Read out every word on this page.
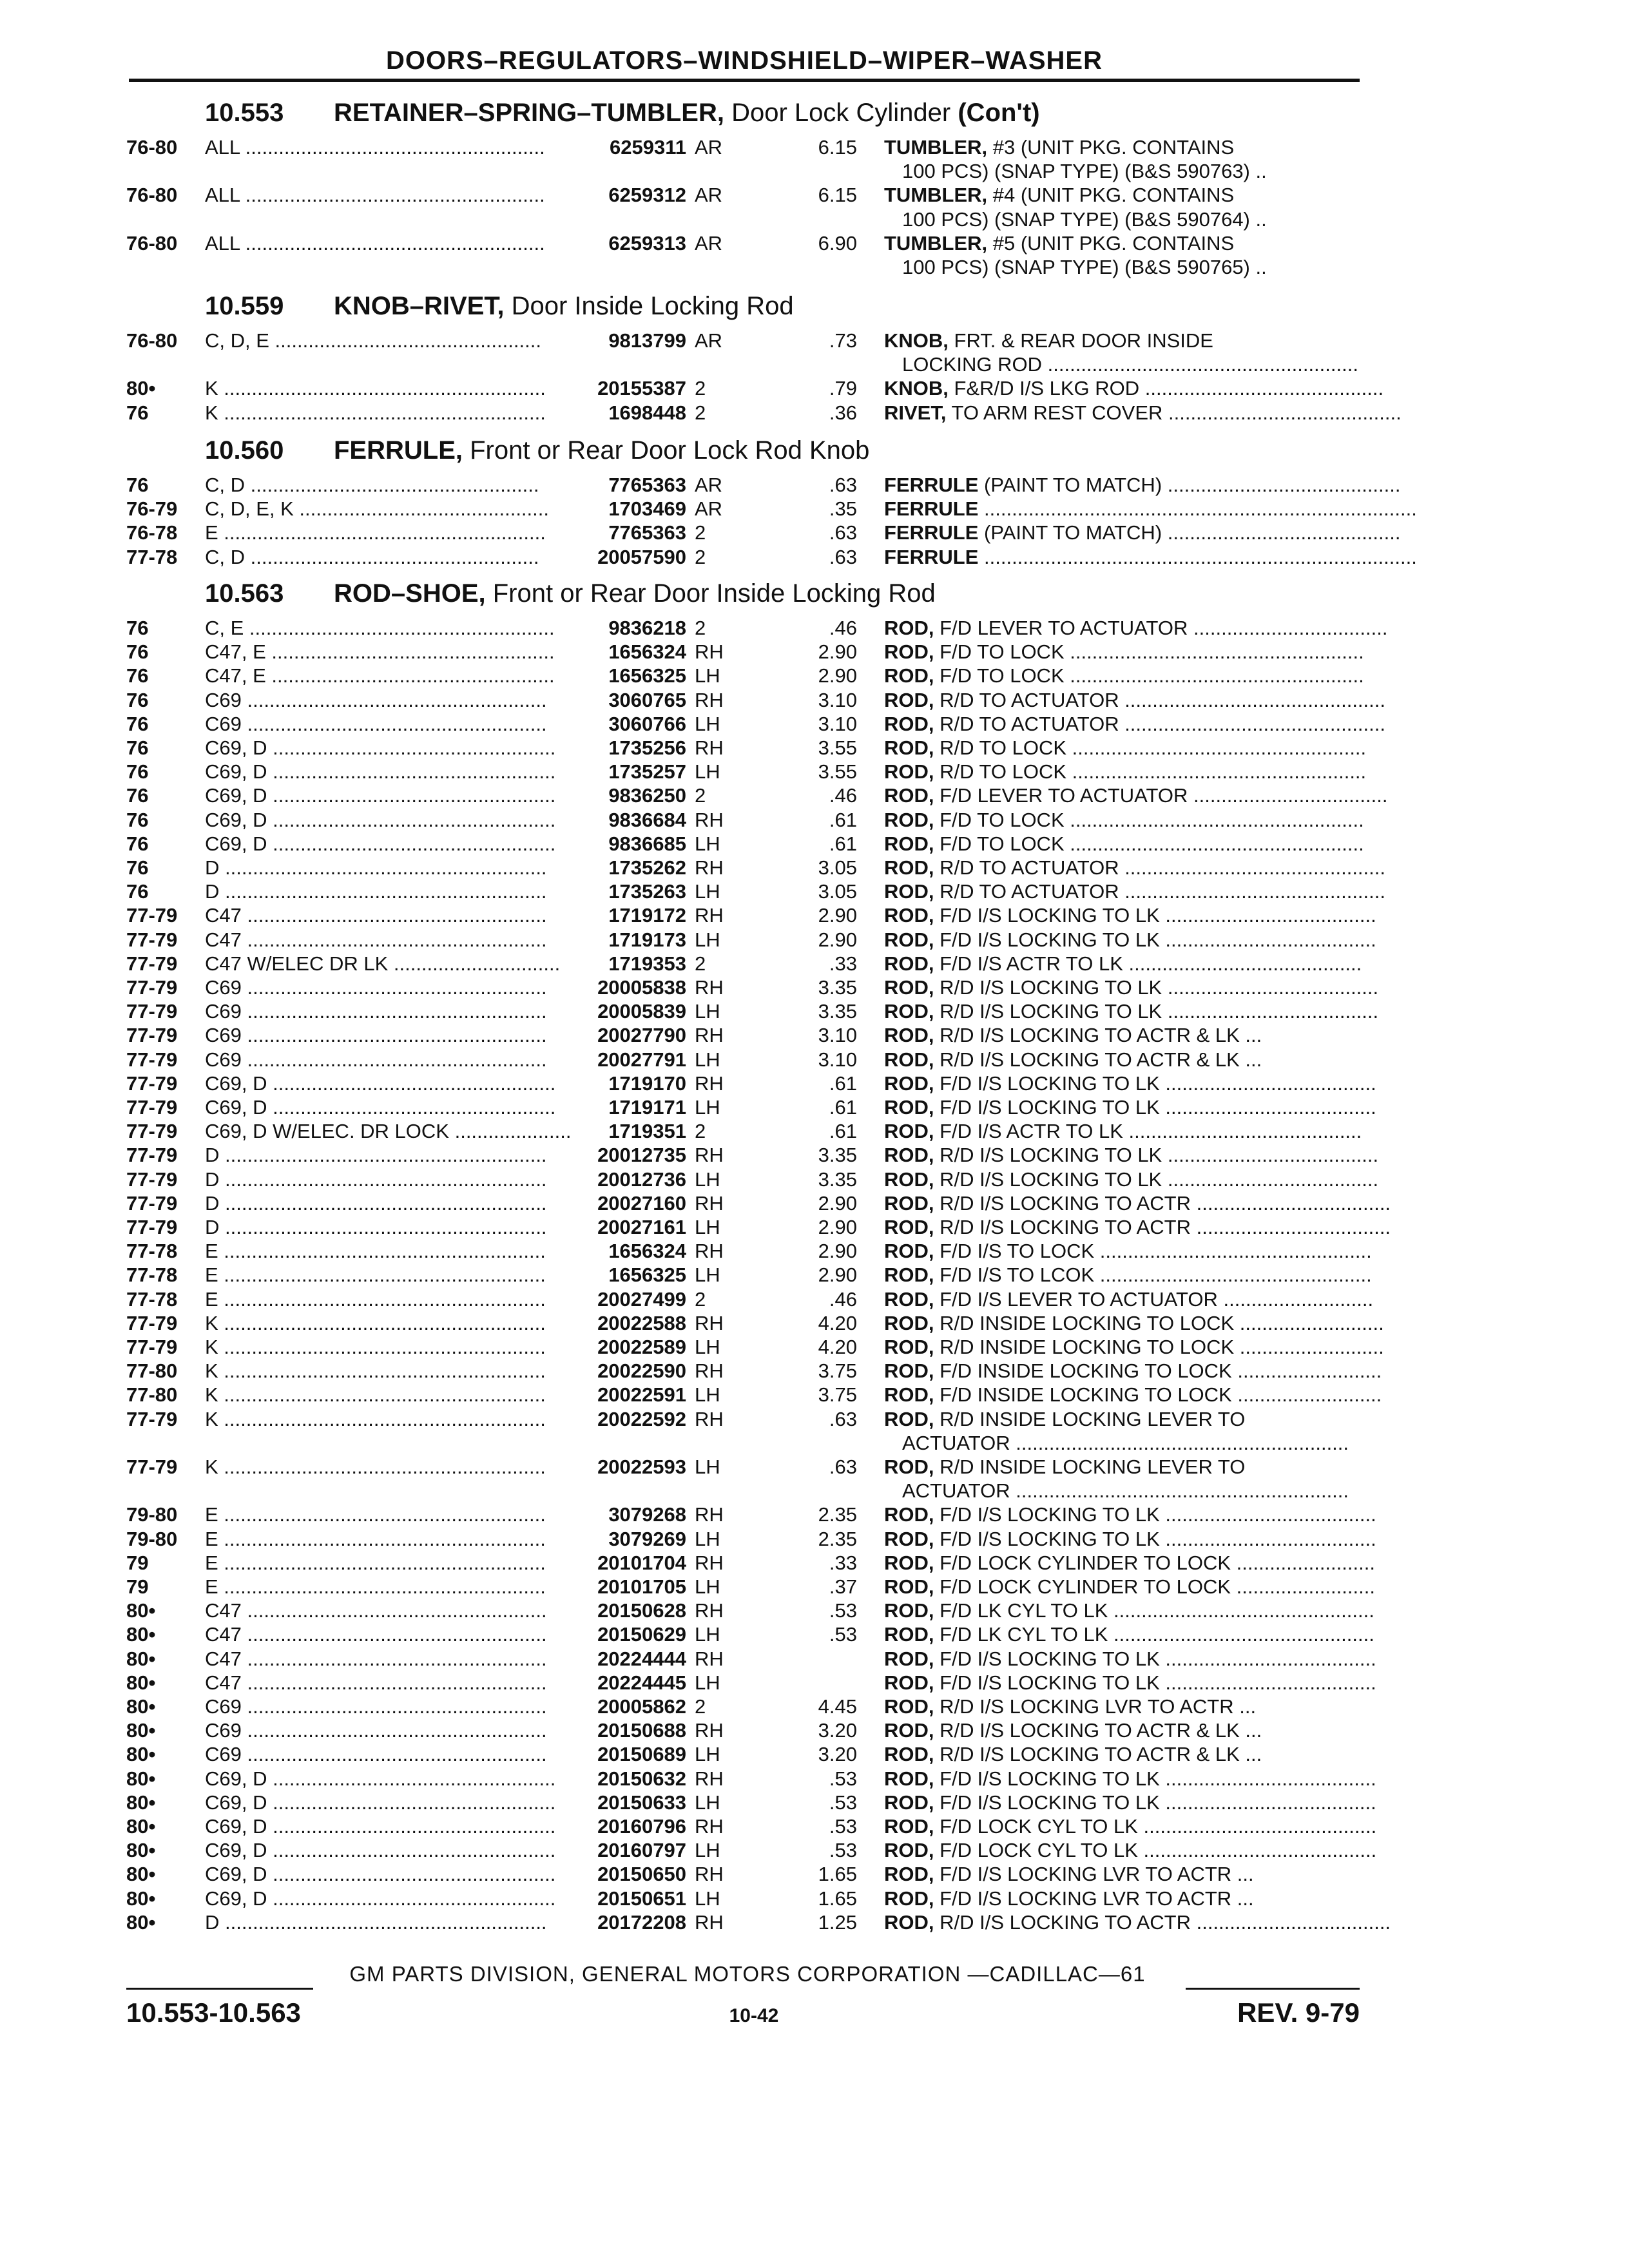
DOORS–REGULATORS–WINDSHIELD–WIPER–WASHER
10.553 RETAINER–SPRING–TUMBLER, Door Lock Cylinder (Con't)
76-80 ALL ......................................................	6259311 AR	6.15 TUMBLER, #3 (UNIT PKG. CONTAINS
100 PCS) (SNAP TYPE) (B&S 590763) ..
76-80 ALL ......................................................	6259312 AR	6.15 TUMBLER, #4 (UNIT PKG. CONTAINS
100 PCS) (SNAP TYPE) (B&S 590764) ..
76-80 ALL ......................................................	6259313 AR	6.90 TUMBLER, #5 (UNIT PKG. CONTAINS
100 PCS) (SNAP TYPE) (B&S 590765) ..
10.559 KNOB–RIVET, Door Inside Locking Rod
76-80 C, D, E ................................................	9813799 AR	.73 KNOB, FRT. & REAR DOOR INSIDE
LOCKING ROD ........................................................
80• K ..........................................................	20155387 2	.79 KNOB, F&R/D I/S LKG ROD ...........................................
76	K ..........................................................	1698448 2	.36 RIVET, TO ARM REST COVER ..........................................
10.560 FERRULE, Front or Rear Door Lock Rod Knob
76	C, D ....................................................	7765363 AR	.63 FERRULE (PAINT TO MATCH) ..........................................
76-79 C, D, E, K .............................................	1703469 AR	.35 FERRULE ..............................................................................
76-78 E ..........................................................	7765363 2	.63 FERRULE (PAINT TO MATCH) ..........................................
77-78 C, D ....................................................	20057590 2	.63 FERRULE ..............................................................................
10.563 ROD–SHOE, Front or Rear Door Inside Locking Rod
76	C, E .......................................................	9836218 2	.46 ROD, F/D LEVER TO ACTUATOR ...................................
76	C47, E ...................................................	1656324 RH	2.90 ROD, F/D TO LOCK .....................................................
76	C47, E ...................................................	1656325 LH	2.90 ROD, F/D TO LOCK .....................................................
76	C69 ......................................................	3060765 RH	3.10 ROD, R/D TO ACTUATOR ...............................................
76	C69 ......................................................	3060766 LH	3.10 ROD, R/D TO ACTUATOR ...............................................
76	C69, D ...................................................	1735256 RH	3.55 ROD, R/D TO LOCK .....................................................
76	C69, D ...................................................	1735257 LH	3.55 ROD, R/D TO LOCK .....................................................
76	C69, D ...................................................	9836250 2	.46 ROD, F/D LEVER TO ACTUATOR ...................................
76	C69, D ...................................................	9836684 RH	.61 ROD, F/D TO LOCK .....................................................
76	C69, D ...................................................	9836685 LH	.61 ROD, F/D TO LOCK .....................................................
76	D ..........................................................	1735262 RH	3.05 ROD, R/D TO ACTUATOR ...............................................
76	D ..........................................................	1735263 LH	3.05 ROD, R/D TO ACTUATOR ...............................................
77-79 C47 ......................................................	1719172 RH	2.90 ROD, F/D I/S LOCKING TO LK ......................................
77-79 C47 ......................................................	1719173 LH	2.90 ROD, F/D I/S LOCKING TO LK ......................................
77-79 C47 W/ELEC DR LK ..............................	1719353 2	.33 ROD, F/D I/S ACTR TO LK ..........................................
77-79 C69 ......................................................	20005838 RH	3.35 ROD, R/D I/S LOCKING TO LK ......................................
77-79 C69 ......................................................	20005839 LH	3.35 ROD, R/D I/S LOCKING TO LK ......................................
77-79 C69 ......................................................	20027790 RH	3.10 ROD, R/D I/S LOCKING TO ACTR & LK ...
77-79 C69 ......................................................	20027791 LH	3.10 ROD, R/D I/S LOCKING TO ACTR & LK ...
77-79 C69, D ...................................................	1719170 RH	.61 ROD, F/D I/S LOCKING TO LK ......................................
77-79 C69, D ...................................................	1719171 LH	.61 ROD, F/D I/S LOCKING TO LK ......................................
77-79 C69, D W/ELEC. DR LOCK .....................	1719351 2	.61 ROD, F/D I/S ACTR TO LK ..........................................
77-79 D ..........................................................	20012735 RH	3.35 ROD, R/D I/S LOCKING TO LK ......................................
77-79 D ..........................................................	20012736 LH	3.35 ROD, R/D I/S LOCKING TO LK ......................................
77-79 D ..........................................................	20027160 RH	2.90 ROD, R/D I/S LOCKING TO ACTR ...................................
77-79 D ..........................................................	20027161 LH	2.90 ROD, R/D I/S LOCKING TO ACTR ...................................
77-78 E ..........................................................	1656324 RH	2.90 ROD, F/D I/S TO LOCK .................................................
77-78 E ..........................................................	1656325 LH	2.90 ROD, F/D I/S TO LCOK .................................................
77-78 E ..........................................................	20027499 2	.46 ROD, F/D I/S LEVER TO ACTUATOR ...........................
77-79 K ..........................................................	20022588 RH	4.20 ROD, R/D INSIDE LOCKING TO LOCK ..........................
77-79 K ..........................................................	20022589 LH	4.20 ROD, R/D INSIDE LOCKING TO LOCK ..........................
77-80 K ..........................................................	20022590 RH	3.75 ROD, F/D INSIDE LOCKING TO LOCK ..........................
77-80 K ..........................................................	20022591 LH	3.75 ROD, F/D INSIDE LOCKING TO LOCK ..........................
77-79 K ..........................................................	20022592 RH	.63 ROD, R/D INSIDE LOCKING LEVER TO
ACTUATOR ............................................................
77-79 K ..........................................................	20022593 LH	.63 ROD, R/D INSIDE LOCKING LEVER TO
ACTUATOR ............................................................
79-80 E ..........................................................	3079268 RH	2.35 ROD, F/D I/S LOCKING TO LK ......................................
79-80 E ..........................................................	3079269 LH	2.35 ROD, F/D I/S LOCKING TO LK ......................................
79	E ..........................................................	20101704 RH	.33 ROD, F/D LOCK CYLINDER TO LOCK .........................
79	E ..........................................................	20101705 LH	.37 ROD, F/D LOCK CYLINDER TO LOCK .........................
80• C47 ......................................................	20150628 RH	.53 ROD, F/D LK CYL TO LK ...............................................
80• C47 ......................................................	20150629 LH	.53 ROD, F/D LK CYL TO LK ...............................................
80• C47 ......................................................	20224444 RH	ROD, F/D I/S LOCKING TO LK ......................................
80• C47 ......................................................	20224445 LH	ROD, F/D I/S LOCKING TO LK ......................................
80• C69 ......................................................	20005862 2	4.45 ROD, R/D I/S LOCKING LVR TO ACTR ...
80• C69 ......................................................	20150688 RH	3.20 ROD, R/D I/S LOCKING TO ACTR & LK ...
80• C69 ......................................................	20150689 LH	3.20 ROD, R/D I/S LOCKING TO ACTR & LK ...
80• C69, D ...................................................	20150632 RH	.53 ROD, F/D I/S LOCKING TO LK ......................................
80• C69, D ...................................................	20150633 LH	.53 ROD, F/D I/S LOCKING TO LK ......................................
80• C69, D ...................................................	20160796 RH	.53 ROD, F/D LOCK CYL TO LK ..........................................
80• C69, D ...................................................	20160797 LH	.53 ROD, F/D LOCK CYL TO LK ..........................................
80• C69, D ...................................................	20150650 RH	1.65 ROD, F/D I/S LOCKING LVR TO ACTR ...
80• C69, D ...................................................	20150651 LH	1.65 ROD, F/D I/S LOCKING LVR TO ACTR ...
80• D ..........................................................	20172208 RH	1.25 ROD, R/D I/S LOCKING TO ACTR ...................................
GM PARTS DIVISION, GENERAL MOTORS CORPORATION —CADILLAC—61
10.553-10.563	10-42	REV. 9-79
